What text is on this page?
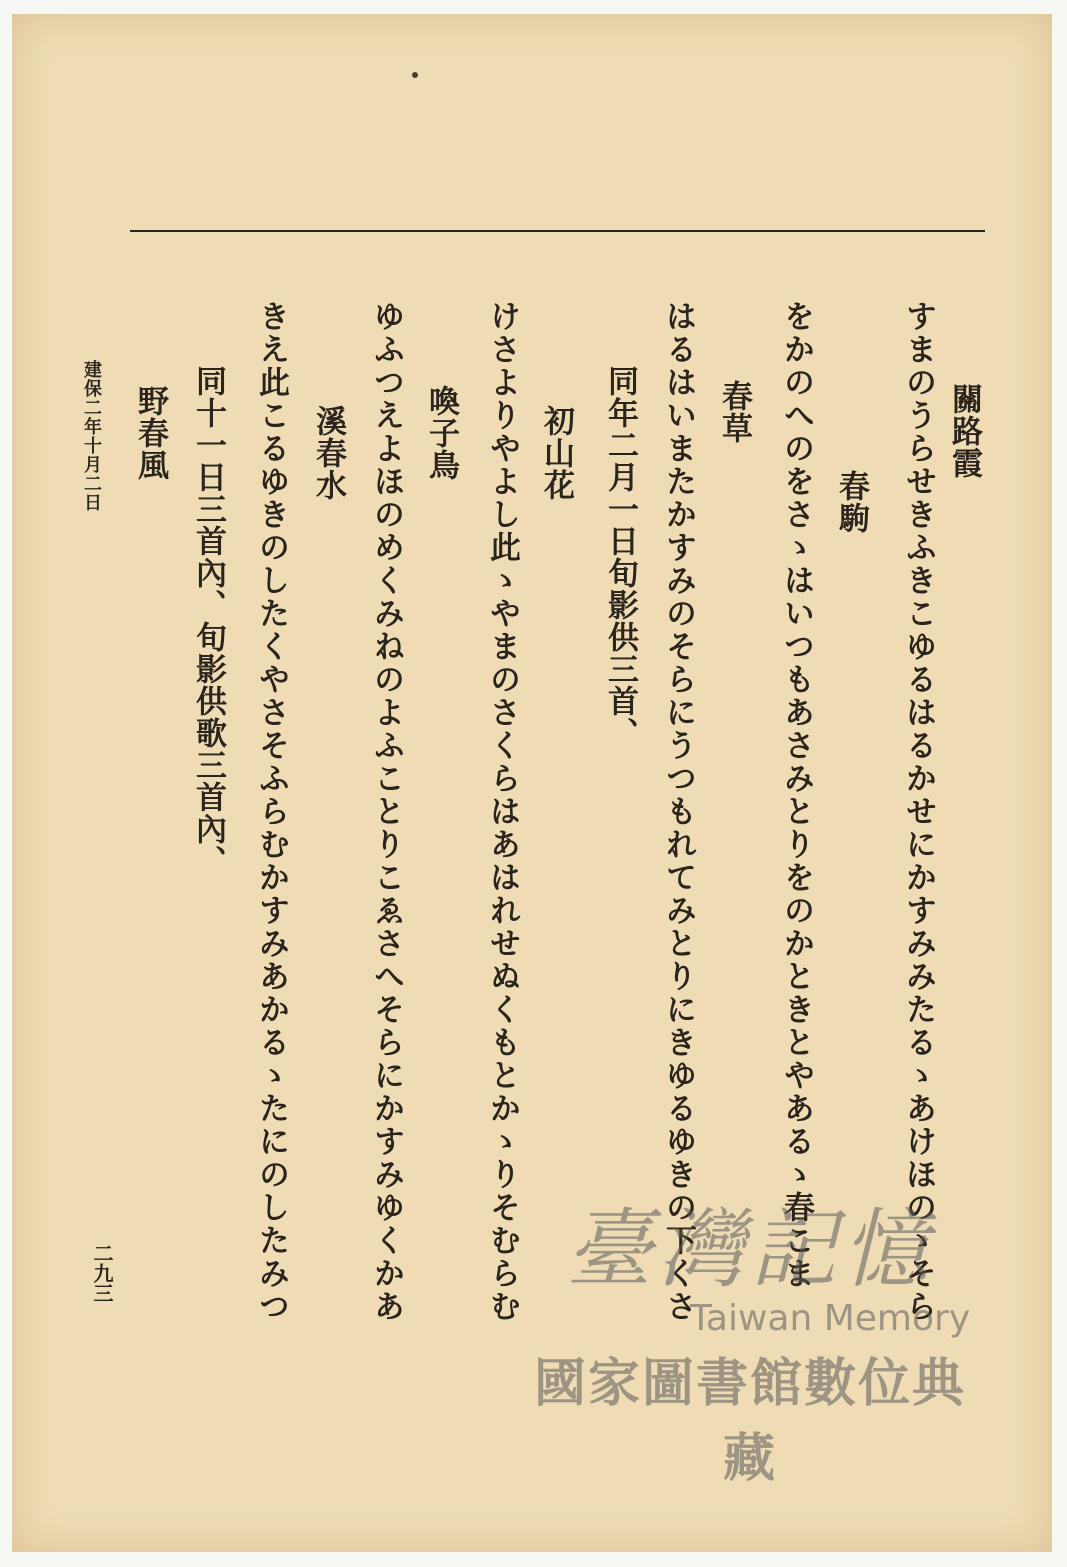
關路霞
すまのうらせきふきこゆるはるかせにかすみみたるゝあけほのゝそら
春駒
をかのへのをさゝはいつもあさみとりをのかときとやあるゝ春こま
春草
はるはいまたかすみのそらにうつもれてみとりにきゆるゆきの下くさ
同年二月一日旬影供三首、
初山花
けさよりやよし此ゝやまのさくらはあはれせぬくもとかゝりそむらむ
喚子鳥
ゆふつえよほのめくみねのよふことりこゑさへそらにかすみゆくかあ
溪春水
きえ此こるゆきのしたくやさそふらむかすみあかるゝたにのしたみつ
同十一日三首內、旬影供歌三首內、
野春風
建保二年十月二日
二九三	臺灣記憶
Taiwan Memory
國家圖書館數位典藏
